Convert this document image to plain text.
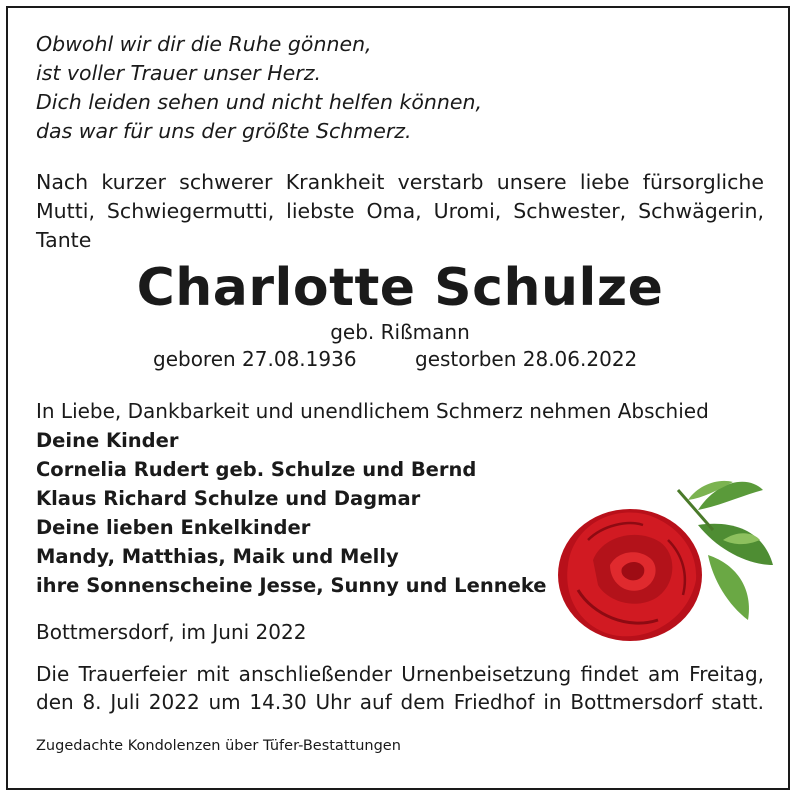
Obwohl wir dir die Ruhe gönnen,
ist voller Trauer unser Herz.
Dich leiden sehen und nicht helfen können,
das war für uns der größte Schmerz.
Nach kurzer schwerer Krankheit verstarb unsere liebe fürsorgliche
Mutti, Schwiegermutti, liebste Oma, Uromi, Schwester, Schwägerin,
Tante
Charlotte Schulze
geb. Rißmann
geboren 27.08.1936	gestorben 28.06.2022
In Liebe, Dankbarkeit und unendlichem Schmerz nehmen Abschied
Deine Kinder
Cornelia Rudert geb. Schulze und Bernd
Klaus Richard Schulze und Dagmar
Deine lieben Enkelkinder
Mandy, Matthias, Maik und Melly
ihre Sonnenscheine Jesse, Sunny und Lenneke
Bottmersdorf, im Juni 2022
Die Trauerfeier mit anschließender Urnenbeisetzung findet am Freitag,
den 8. Juli 2022 um 14.30 Uhr auf dem Friedhof in Bottmersdorf statt.
Zugedachte Kondolenzen über Tüfer-Bestattungen
